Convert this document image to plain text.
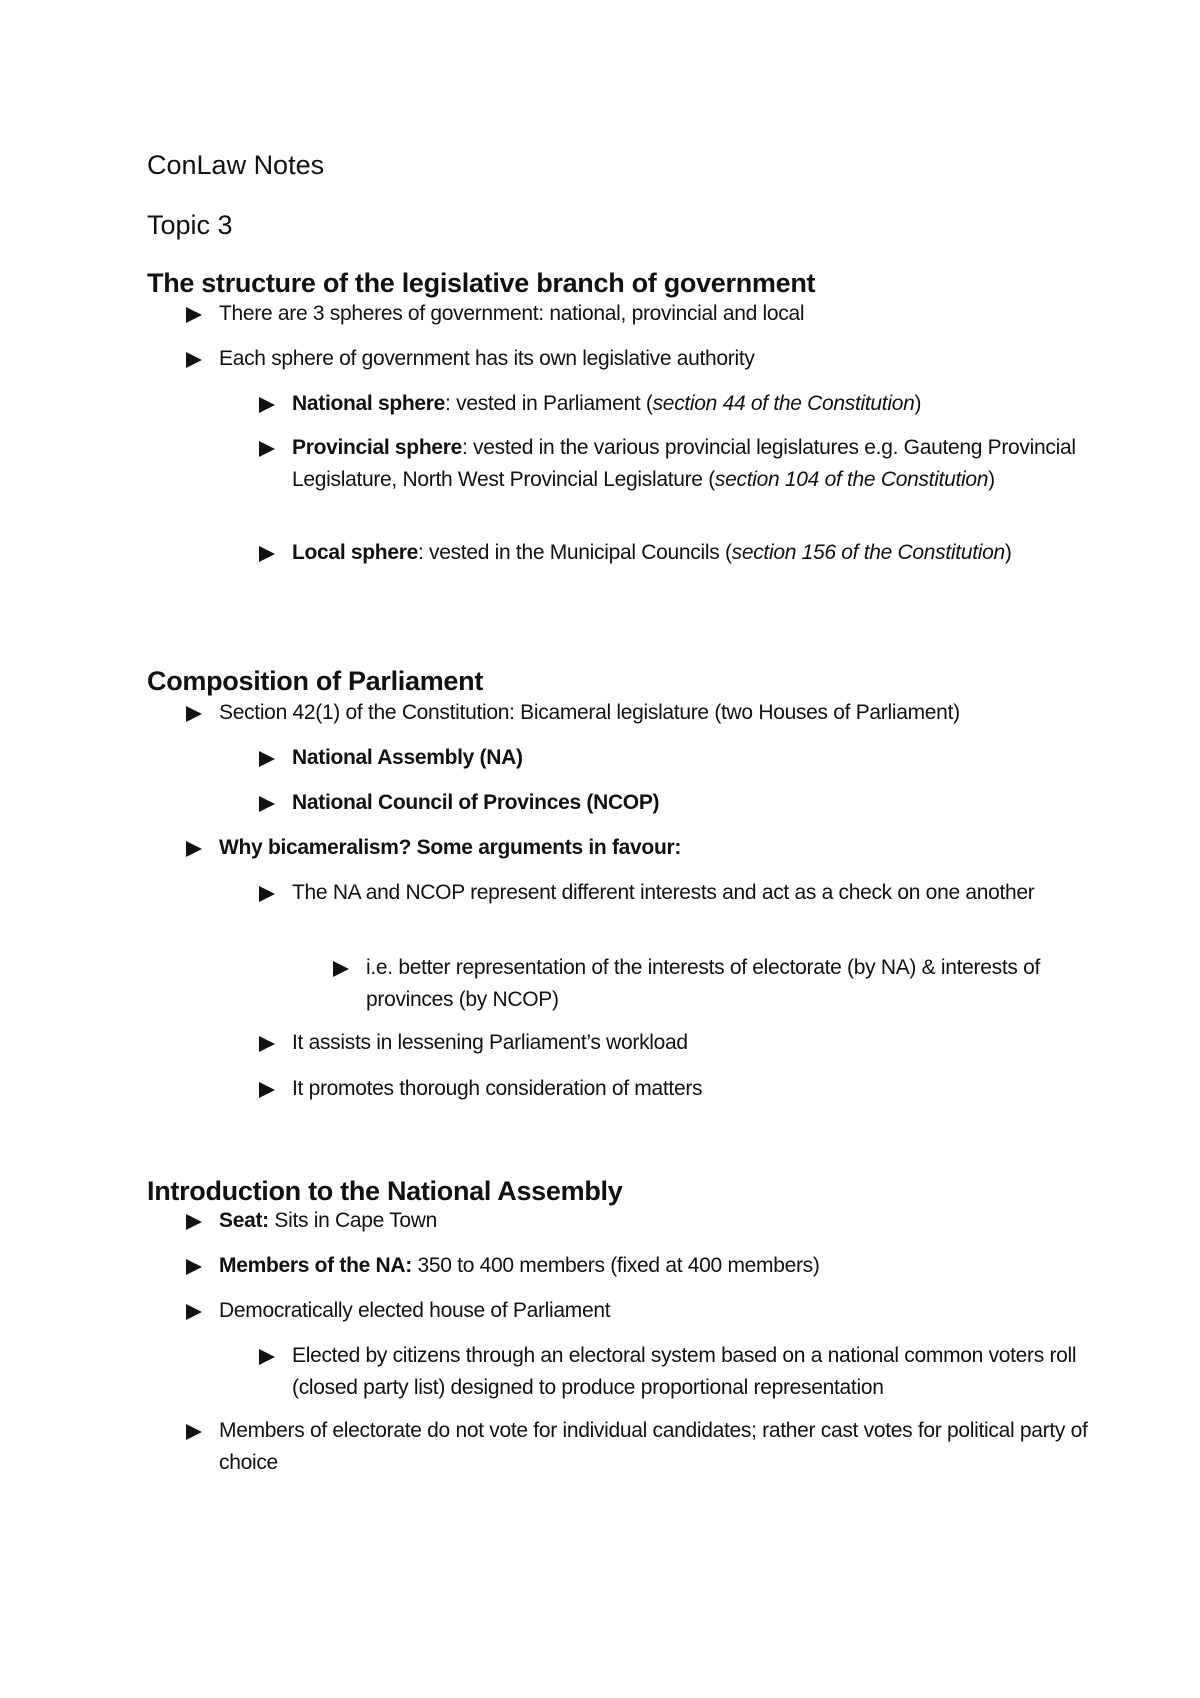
ConLaw Notes
Topic 3
The structure of the legislative branch of government
There are 3 spheres of government: national, provincial and local
Each sphere of government has its own legislative authority
National sphere: vested in Parliament (section 44 of the Constitution)
Provincial sphere: vested in the various provincial legislatures e.g. Gauteng Provincial Legislature, North West Provincial Legislature (section 104 of the Constitution)
Local sphere: vested in the Municipal Councils (section 156 of the Constitution)
Composition of Parliament
Section 42(1) of the Constitution: Bicameral legislature (two Houses of Parliament)
National Assembly (NA)
National Council of Provinces (NCOP)
Why bicameralism? Some arguments in favour:
The NA and NCOP represent different interests and act as a check on one another
i.e. better representation of the interests of electorate (by NA) & interests of provinces (by NCOP)
It assists in lessening Parliament’s workload
It promotes thorough consideration of matters
Introduction to the National Assembly
Seat: Sits in Cape Town
Members of the NA: 350 to 400 members (fixed at 400 members)
Democratically elected house of Parliament
Elected by citizens through an electoral system based on a national common voters roll (closed party list) designed to produce proportional representation
Members of electorate do not vote for individual candidates; rather cast votes for political party of choice
